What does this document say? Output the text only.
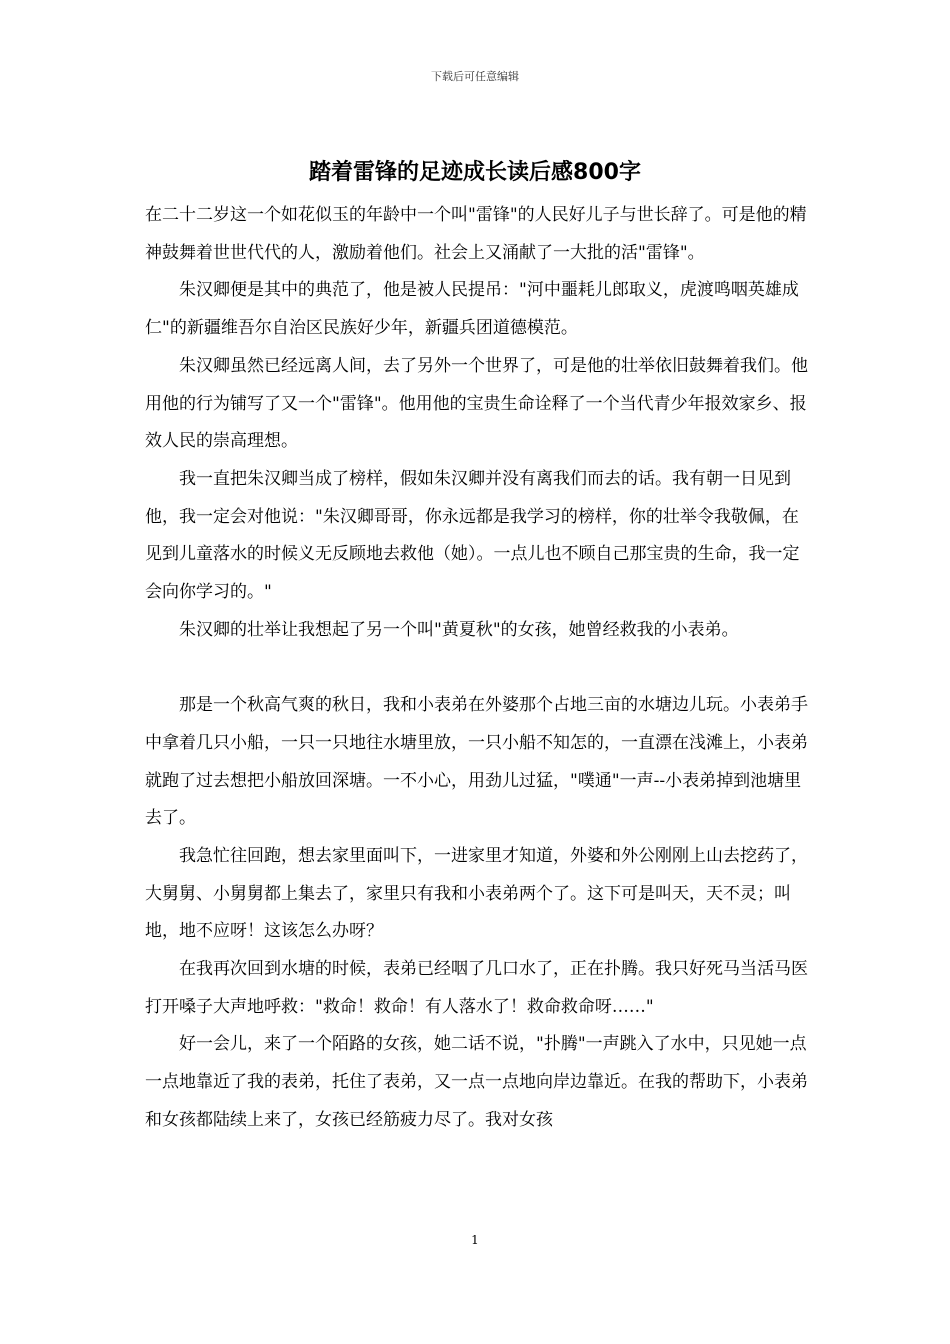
下载后可任意编辑
踏着雷锋的足迹成长读后感800字

在二十二岁这一个如花似玉的年龄中一个叫"雷锋"的人民好儿子与世长辞了。可是他的精神鼓舞着世世代代的人，激励着他们。社会上又涌献了一大批的活"雷锋"。

朱汉卿便是其中的典范了，他是被人民提吊："河中噩耗儿郎取义，虎渡鸣咽英雄成仁"的新疆维吾尔自治区民族好少年，新疆兵团道德模范。

朱汉卿虽然已经远离人间，去了另外一个世界了，可是他的壮举依旧鼓舞着我们。他用他的行为铺写了又一个"雷锋"。他用他的宝贵生命诠释了一个当代青少年报效家乡、报效人民的崇高理想。

我一直把朱汉卿当成了榜样，假如朱汉卿并没有离我们而去的话。我有朝一日见到他，我一定会对他说："朱汉卿哥哥，你永远都是我学习的榜样，你的壮举令我敬佩，在见到儿童落水的时候义无反顾地去救他（她）。一点儿也不顾自己那宝贵的生命，我一定会向你学习的。"

朱汉卿的壮举让我想起了另一个叫"黄夏秋"的女孩，她曾经救我的小表弟。

那是一个秋高气爽的秋日，我和小表弟在外婆那个占地三亩的水塘边儿玩。小表弟手中拿着几只小船，一只一只地往水塘里放，一只小船不知怎的，一直漂在浅滩上，小表弟就跑了过去想把小船放回深塘。一不小心，用劲儿过猛，"噗通"一声--小表弟掉到池塘里去了。

我急忙往回跑，想去家里面叫下，一进家里才知道，外婆和外公刚刚上山去挖药了，大舅舅、小舅舅都上集去了，家里只有我和小表弟两个了。这下可是叫天，天不灵；叫地，地不应呀！这该怎么办呀？

在我再次回到水塘的时候，表弟已经咽了几口水了，正在扑腾。我只好死马当活马医打开嗓子大声地呼救："救命！救命！有人落水了！救命救命呀……"

好一会儿，来了一个陌路的女孩，她二话不说，"扑腾"一声跳入了水中，只见她一点一点地靠近了我的表弟，托住了表弟，又一点一点地向岸边靠近。在我的帮助下，小表弟和女孩都陆续上来了，女孩已经筋疲力尽了。我对女孩

1
